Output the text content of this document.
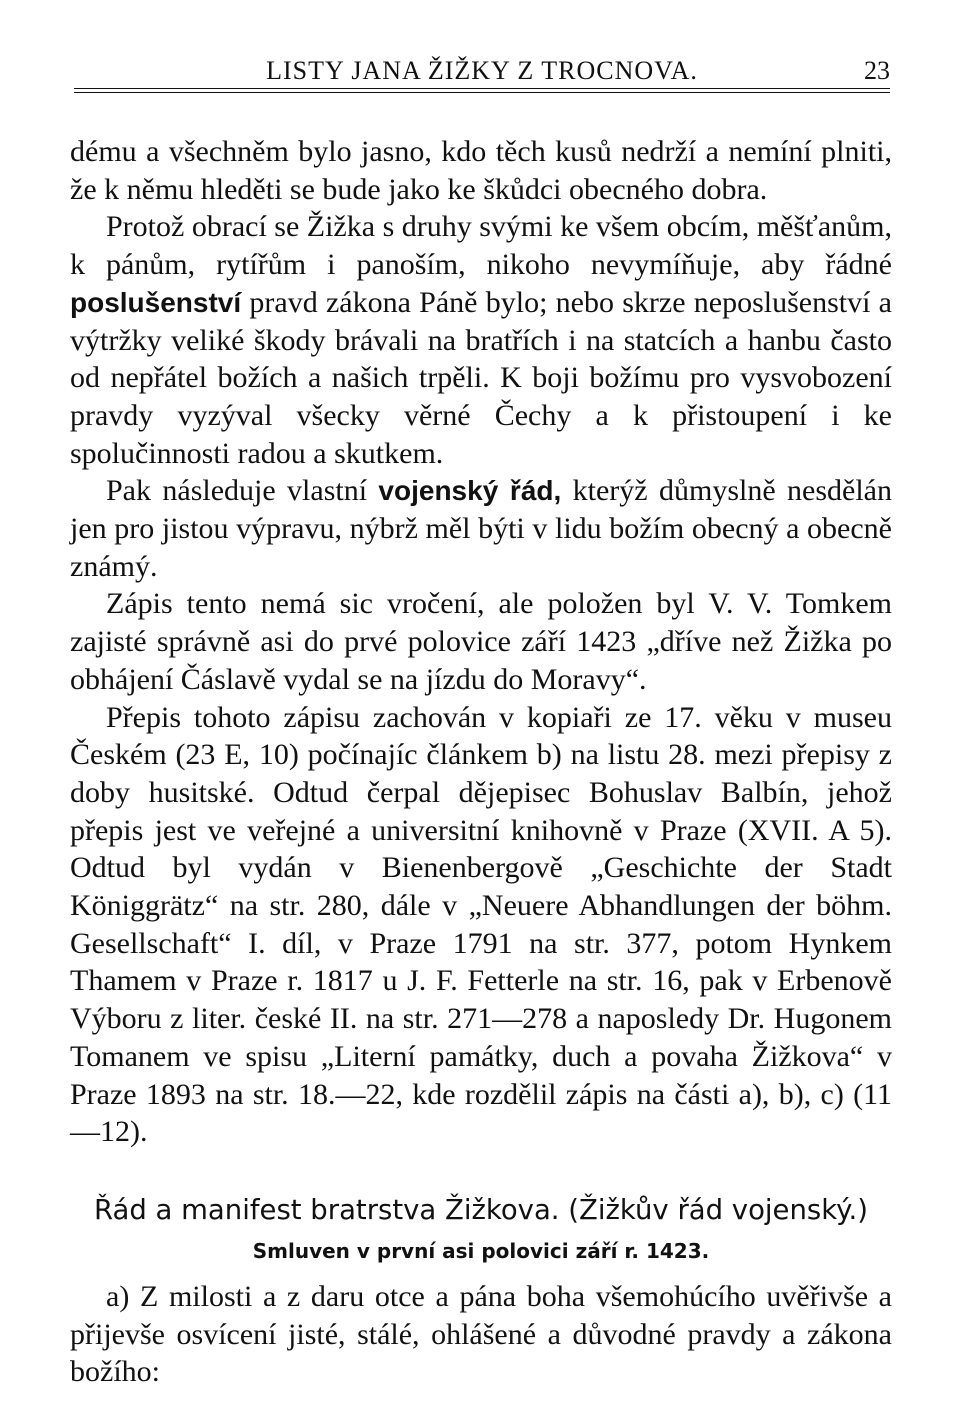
LISTY JANA ŽIŽKY Z TROCNOVA.	23

dému a všechněm bylo jasno, kdo těch kusů nedrží a nemíní plniti, že k němu hleděti se bude jako ke škůdci obecného dobra.

Protož obrací se Žižka s druhy svými ke všem obcím, měšťanům, k pánům, rytířům i panoším, nikoho nevymíňuje, aby řádné poslušenství pravd zákona Páně bylo; nebo skrze neposlušenství a výtržky veliké škody brávali na bratřích i na statcích a hanbu často od nepřátel božích a našich trpěli. K boji božímu pro vysvobození pravdy vyzýval všecky věrné Čechy a k přistoupení i ke spolučinnosti radou a skutkem.

Pak následuje vlastní vojenský řád, kterýž důmyslně nesdělán jen pro jistou výpravu, nýbrž měl býti v lidu božím obecný a obecně známý.

Zápis tento nemá sic vročení, ale položen byl V. V. Tomkem zajisté správně asi do prvé polovice září 1423 „dříve než Žižka po obhájení Čáslavě vydal se na jízdu do Moravy“.

Přepis tohoto zápisu zachován v kopiaři ze 17. věku v museu Českém (23 E, 10) počínajíc článkem b) na listu 28. mezi přepisy z doby husitské. Odtud čerpal dějepisec Bohuslav Balbín, jehož přepis jest ve veřejné a universitní knihovně v Praze (XVII. A 5). Odtud byl vydán v Bienenbergově „Geschichte der Stadt Königgrätz“ na str. 280, dále v „Neuere Abhandlungen der böhm. Gesellschaft“ I. díl, v Praze 1791 na str. 377, potom Hynkem Thamem v Praze r. 1817 u J. F. Fetterle na str. 16, pak v Erbenově Výboru z liter. české II. na str. 271—278 a naposledy Dr. Hugonem Tomanem ve spisu „Literní památky, duch a povaha Žižkova“ v Praze 1893 na str. 18.—22, kde rozdělil zápis na části a), b), c) (11—12).

Řád a manifest bratrstva Žižkova. (Žižkův řád vojenský.)
Smluven v první asi polovici září r. 1423.
a) Z milosti a z daru otce a pána boha všemohúcího uvěřivše a přijevše osvícení jisté, stálé, ohlášené a důvodné pravdy a zákona božího:
